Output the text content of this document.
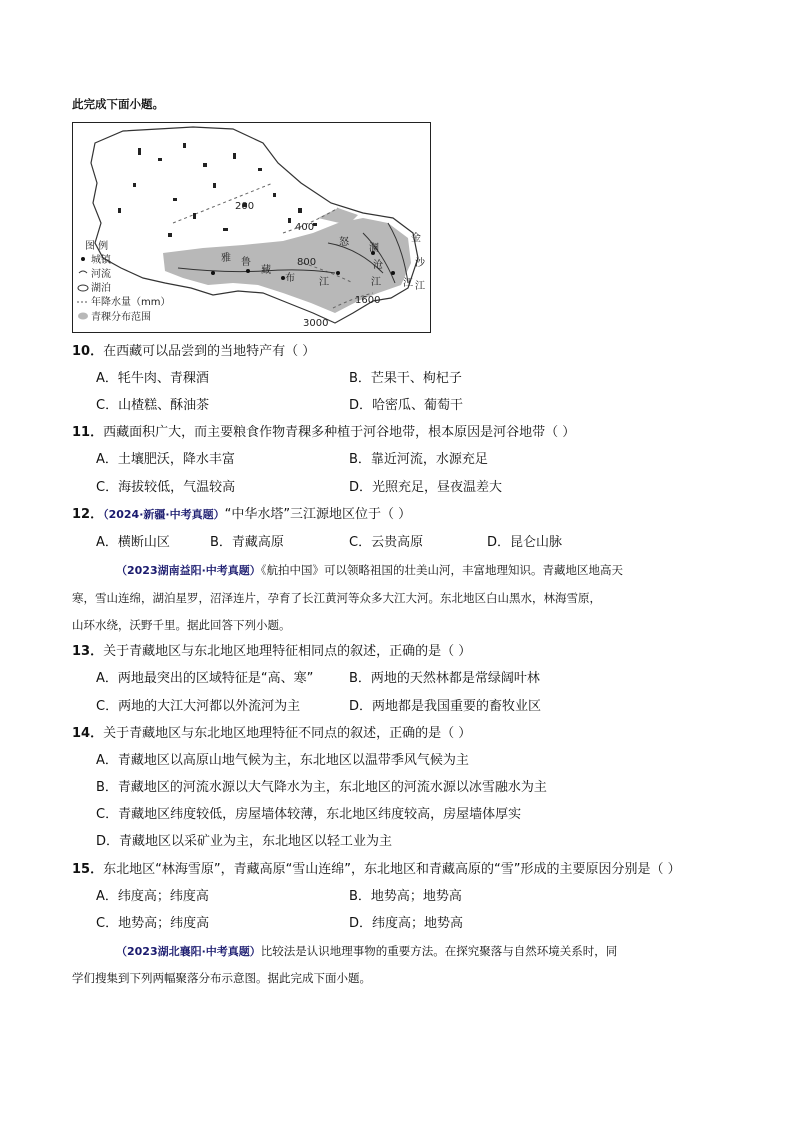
此完成下面小题。
200
400
800
1600
3000
雅 鲁
藏
布 江
怒
江
澜
沧
江
金
沙
江
图 例
城镇
河流
湖泊
年降水量（mm）
青稞分布范围
10．在西藏可以品尝到的当地特产有（ ）
A．牦牛肉、青稞酒	B．芒果干、枸杞子
C．山楂糕、酥油茶	D．哈密瓜、葡萄干
11．西藏面积广大，而主要粮食作物青稞多种植于河谷地带，根本原因是河谷地带（ ）
A．土壤肥沃，降水丰富	B．靠近河流，水源充足
C．海拔较低，气温较高	D．光照充足，昼夜温差大
12．（2024·新疆·中考真题）“中华水塔”三江源地区位于（ ）
A．横断山区	B．青藏高原	C．云贵高原	D．昆仑山脉
（2023湖南益阳·中考真题）《航拍中国》可以领略祖国的壮美山河，丰富地理知识。青藏地区地高天
寒，雪山连绵，湖泊星罗，沼泽连片，孕育了长江黄河等众多大江大河。东北地区白山黑水，林海雪原，
山环水绕，沃野千里。据此回答下列小题。
13．关于青藏地区与东北地区地理特征相同点的叙述，正确的是（ ）
A．两地最突出的区域特征是“高、寒”	B．两地的天然林都是常绿阔叶林
C．两地的大江大河都以外流河为主	D．两地都是我国重要的畜牧业区
14．关于青藏地区与东北地区地理特征不同点的叙述，正确的是（ ）
A．青藏地区以高原山地气候为主，东北地区以温带季风气候为主
B．青藏地区的河流水源以大气降水为主，东北地区的河流水源以冰雪融水为主
C．青藏地区纬度较低，房屋墙体较薄，东北地区纬度较高，房屋墙体厚实
D．青藏地区以采矿业为主，东北地区以轻工业为主
15．东北地区“林海雪原”，青藏高原“雪山连绵”，东北地区和青藏高原的“雪”形成的主要原因分别是（ ）
A．纬度高；纬度高	B．地势高；地势高
C．地势高；纬度高	D．纬度高；地势高
（2023湖北襄阳·中考真题）比较法是认识地理事物的重要方法。在探究聚落与自然环境关系时，同
学们搜集到下列两幅聚落分布示意图。据此完成下面小题。
